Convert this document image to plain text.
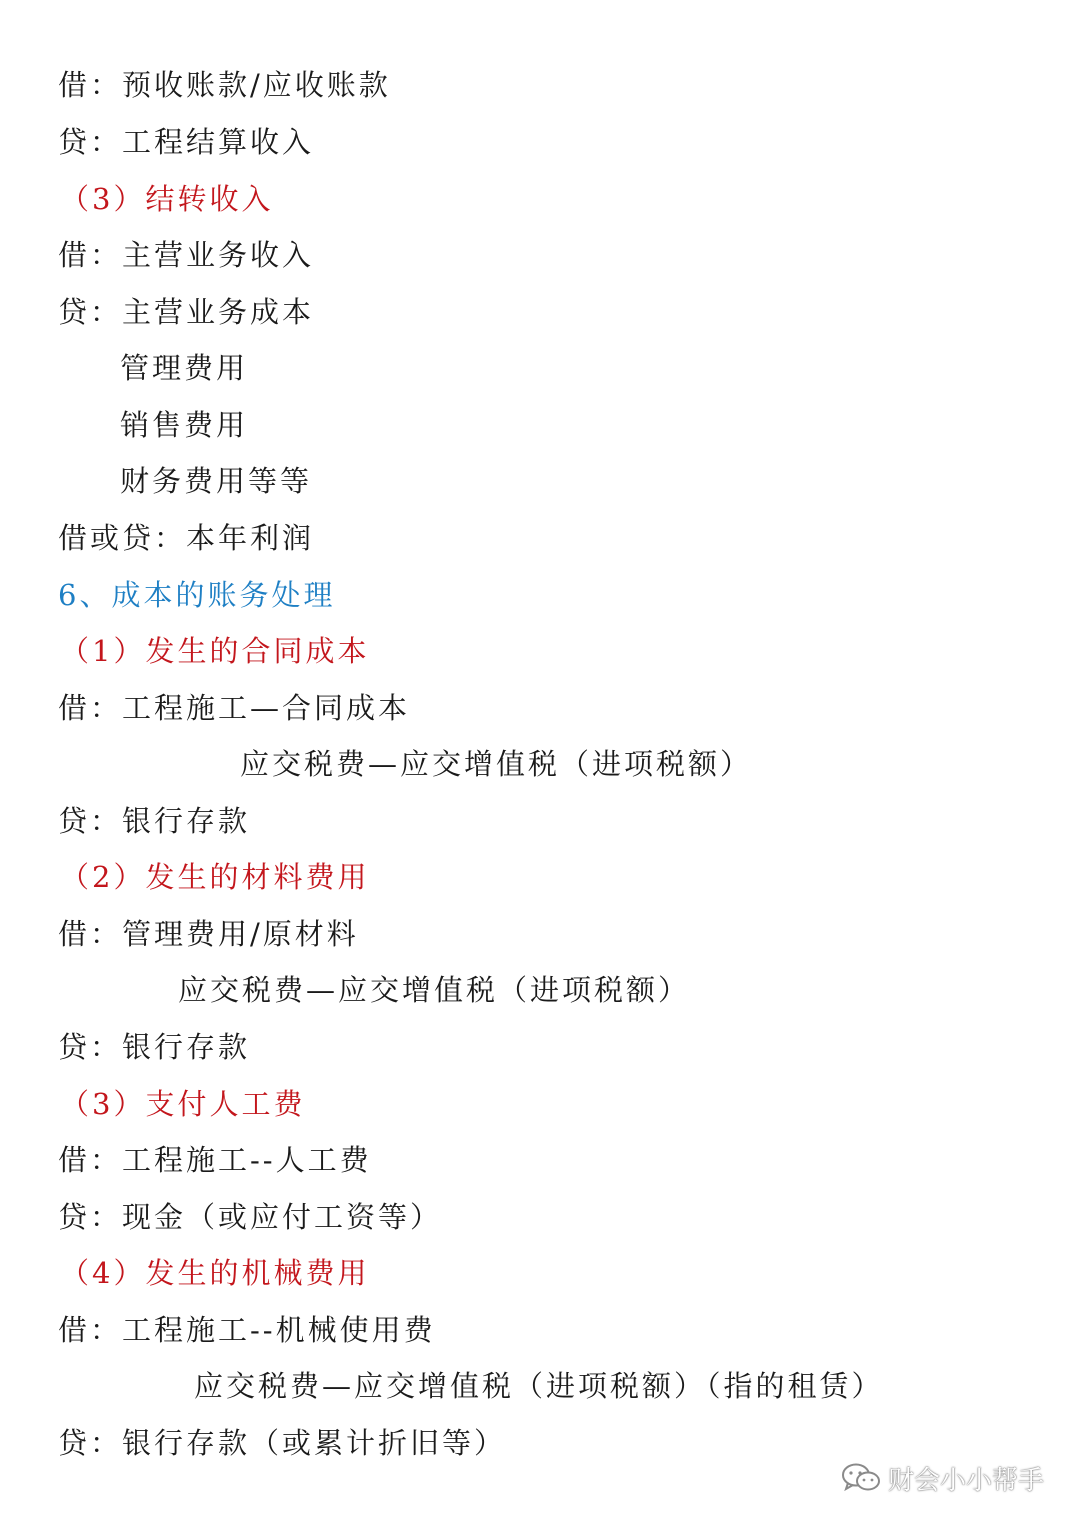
借：预收账款/应收账款
贷：工程结算收入
（3）结转收入
借：主营业务收入
贷：主营业务成本
管理费用
销售费用
财务费用等等
借或贷：本年利润
6、成本的账务处理
（1）发生的合同成本
借：工程施工—合同成本
应交税费—应交增值税（进项税额）
贷：银行存款
（2）发生的材料费用
借：管理费用/原材料
应交税费—应交增值税（进项税额）
贷：银行存款
（3）支付人工费
借：工程施工--人工费
贷：现金（或应付工资等）
（4）发生的机械费用
借：工程施工--机械使用费
应交税费—应交增值税（进项税额）（指的租赁）
贷：银行存款（或累计折旧等）
财会小小帮手
